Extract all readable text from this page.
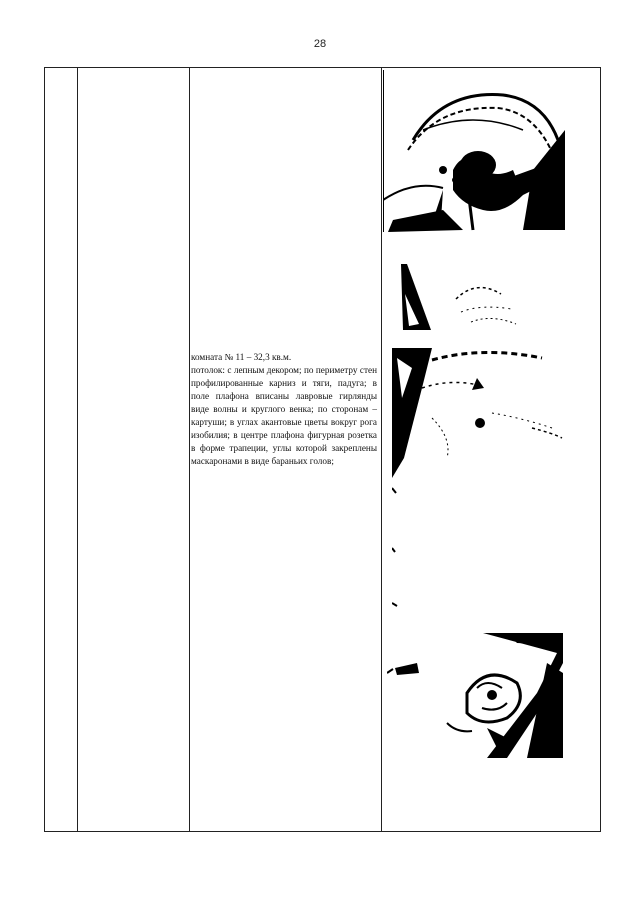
28

комната № 11 – 32,3 кв.м.

потолок: с лепным декором; по периметру стен профилированные карниз и тяги, падуга; в поле плафона вписаны лавровые гирлянды виде волны и круглого венка; по сторонам – картуши; в углах акантовые цветы вокруг рога изобилия; в центре плафона фигурная розетка в форме трапеции, углы которой закреплены маскаронами в виде бараньих голов;
